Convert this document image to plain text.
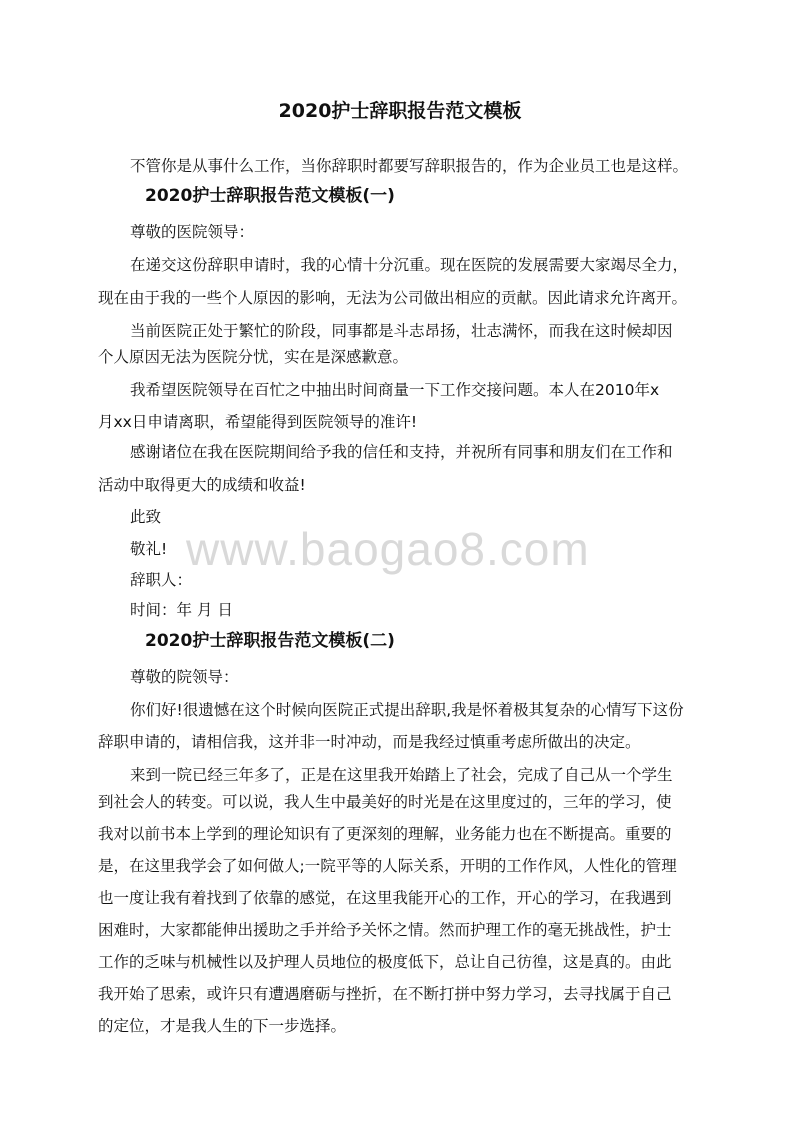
www.baogao8.com
2020护士辞职报告范文模板
不管你是从事什么工作，当你辞职时都要写辞职报告的，作为企业员工也是这样。
2020护士辞职报告范文模板(一)
尊敬的医院领导：
在递交这份辞职申请时，我的心情十分沉重。现在医院的发展需要大家竭尽全力，
现在由于我的一些个人原因的影响，无法为公司做出相应的贡献。因此请求允许离开。
当前医院正处于繁忙的阶段，同事都是斗志昂扬，壮志满怀，而我在这时候却因
个人原因无法为医院分忧，实在是深感歉意。
我希望医院领导在百忙之中抽出时间商量一下工作交接问题。本人在2010年x
月xx日申请离职，希望能得到医院领导的准许!
感谢诸位在我在医院期间给予我的信任和支持，并祝所有同事和朋友们在工作和
活动中取得更大的成绩和收益!
此致
敬礼!
辞职人：
时间：年 月 日
2020护士辞职报告范文模板(二)
尊敬的院领导：
你们好!很遗憾在这个时候向医院正式提出辞职,我是怀着极其复杂的心情写下这份
辞职申请的，请相信我，这并非一时冲动，而是我经过慎重考虑所做出的决定。
来到一院已经三年多了，正是在这里我开始踏上了社会，完成了自己从一个学生
到社会人的转变。可以说，我人生中最美好的时光是在这里度过的，三年的学习，使
我对以前书本上学到的理论知识有了更深刻的理解，业务能力也在不断提高。重要的
是，在这里我学会了如何做人;一院平等的人际关系，开明的工作作风，人性化的管理
也一度让我有着找到了依靠的感觉，在这里我能开心的工作，开心的学习，在我遇到
困难时，大家都能伸出援助之手并给予关怀之情。然而护理工作的毫无挑战性，护士
工作的乏味与机械性以及护理人员地位的极度低下，总让自己彷徨，这是真的。由此
我开始了思索，或许只有遭遇磨砺与挫折，在不断打拼中努力学习，去寻找属于自己
的定位，才是我人生的下一步选择。
